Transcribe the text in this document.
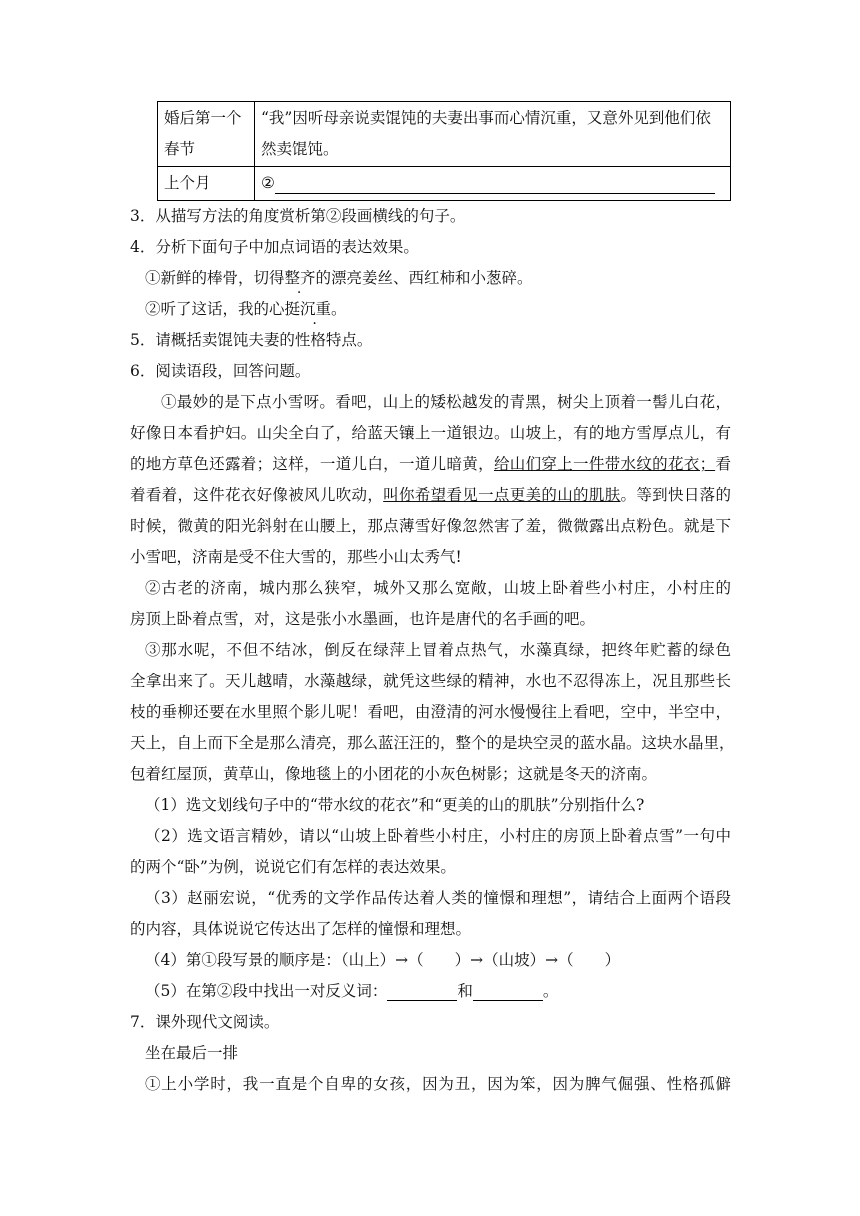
婚后第一个春节	“我”因听母亲说卖馄饨的夫妻出事而心情沉重，又意外见到他们依然卖馄饨。
上个月	②
3．从描写方法的角度赏析第②段画横线的句子。
4．分析下面句子中加点词语的表达效果。
①新鲜的棒骨，切得整齐的漂亮姜丝、西红柿和小葱碎。
②听了这话，我的心挺沉重。
5．请概括卖馄饨夫妻的性格特点。
6．阅读语段，回答问题。
①最妙的是下点小雪呀。看吧，山上的矮松越发的青黑，树尖上顶着一髻儿白花，
好像日本看护妇。山尖全白了，给蓝天镶上一道银边。山坡上，有的地方雪厚点儿，有
的地方草色还露着；这样，一道儿白，一道儿暗黄，给山们穿上一件带水纹的花衣；看
着看着，这件花衣好像被风儿吹动，叫你希望看见一点更美的山的肌肤。等到快日落的
时候，微黄的阳光斜射在山腰上，那点薄雪好像忽然害了羞，微微露出点粉色。就是下
小雪吧，济南是受不住大雪的，那些小山太秀气!
②古老的济南，城内那么狭窄，城外又那么宽敞，山坡上卧着些小村庄，小村庄的
房顶上卧着点雪，对，这是张小水墨画，也许是唐代的名手画的吧。
③那水呢，不但不结冰，倒反在绿萍上冒着点热气，水藻真绿，把终年贮蓄的绿色
全拿出来了。天儿越晴，水藻越绿，就凭这些绿的精神，水也不忍得冻上，况且那些长
枝的垂柳还要在水里照个影儿呢！看吧，由澄清的河水慢慢往上看吧，空中，半空中，
天上，自上而下全是那么清亮，那么蓝汪汪的，整个的是块空灵的蓝水晶。这块水晶里，
包着红屋顶，黄草山，像地毯上的小团花的小灰色树影；这就是冬天的济南。
（1）选文划线句子中的“带水纹的花衣”和“更美的山的肌肤”分别指什么?
（2）选文语言精妙，请以“山坡上卧着些小村庄，小村庄的房顶上卧着点雪”一句中
的两个“卧”为例，说说它们有怎样的表达效果。
（3）赵丽宏说，“优秀的文学作品传达着人类的憧憬和理想”，请结合上面两个语段
的内容，具体说说它传达出了怎样的憧憬和理想。
（4）第①段写景的顺序是：（山上）→（　　）→（山坡）→（　　）
（5）在第②段中找出一对反义词：	和	。
7．课外现代文阅读。
坐在最后一排
①上小学时，我一直是个自卑的女孩，因为丑，因为笨，因为脾气倔强、性格孤僻
